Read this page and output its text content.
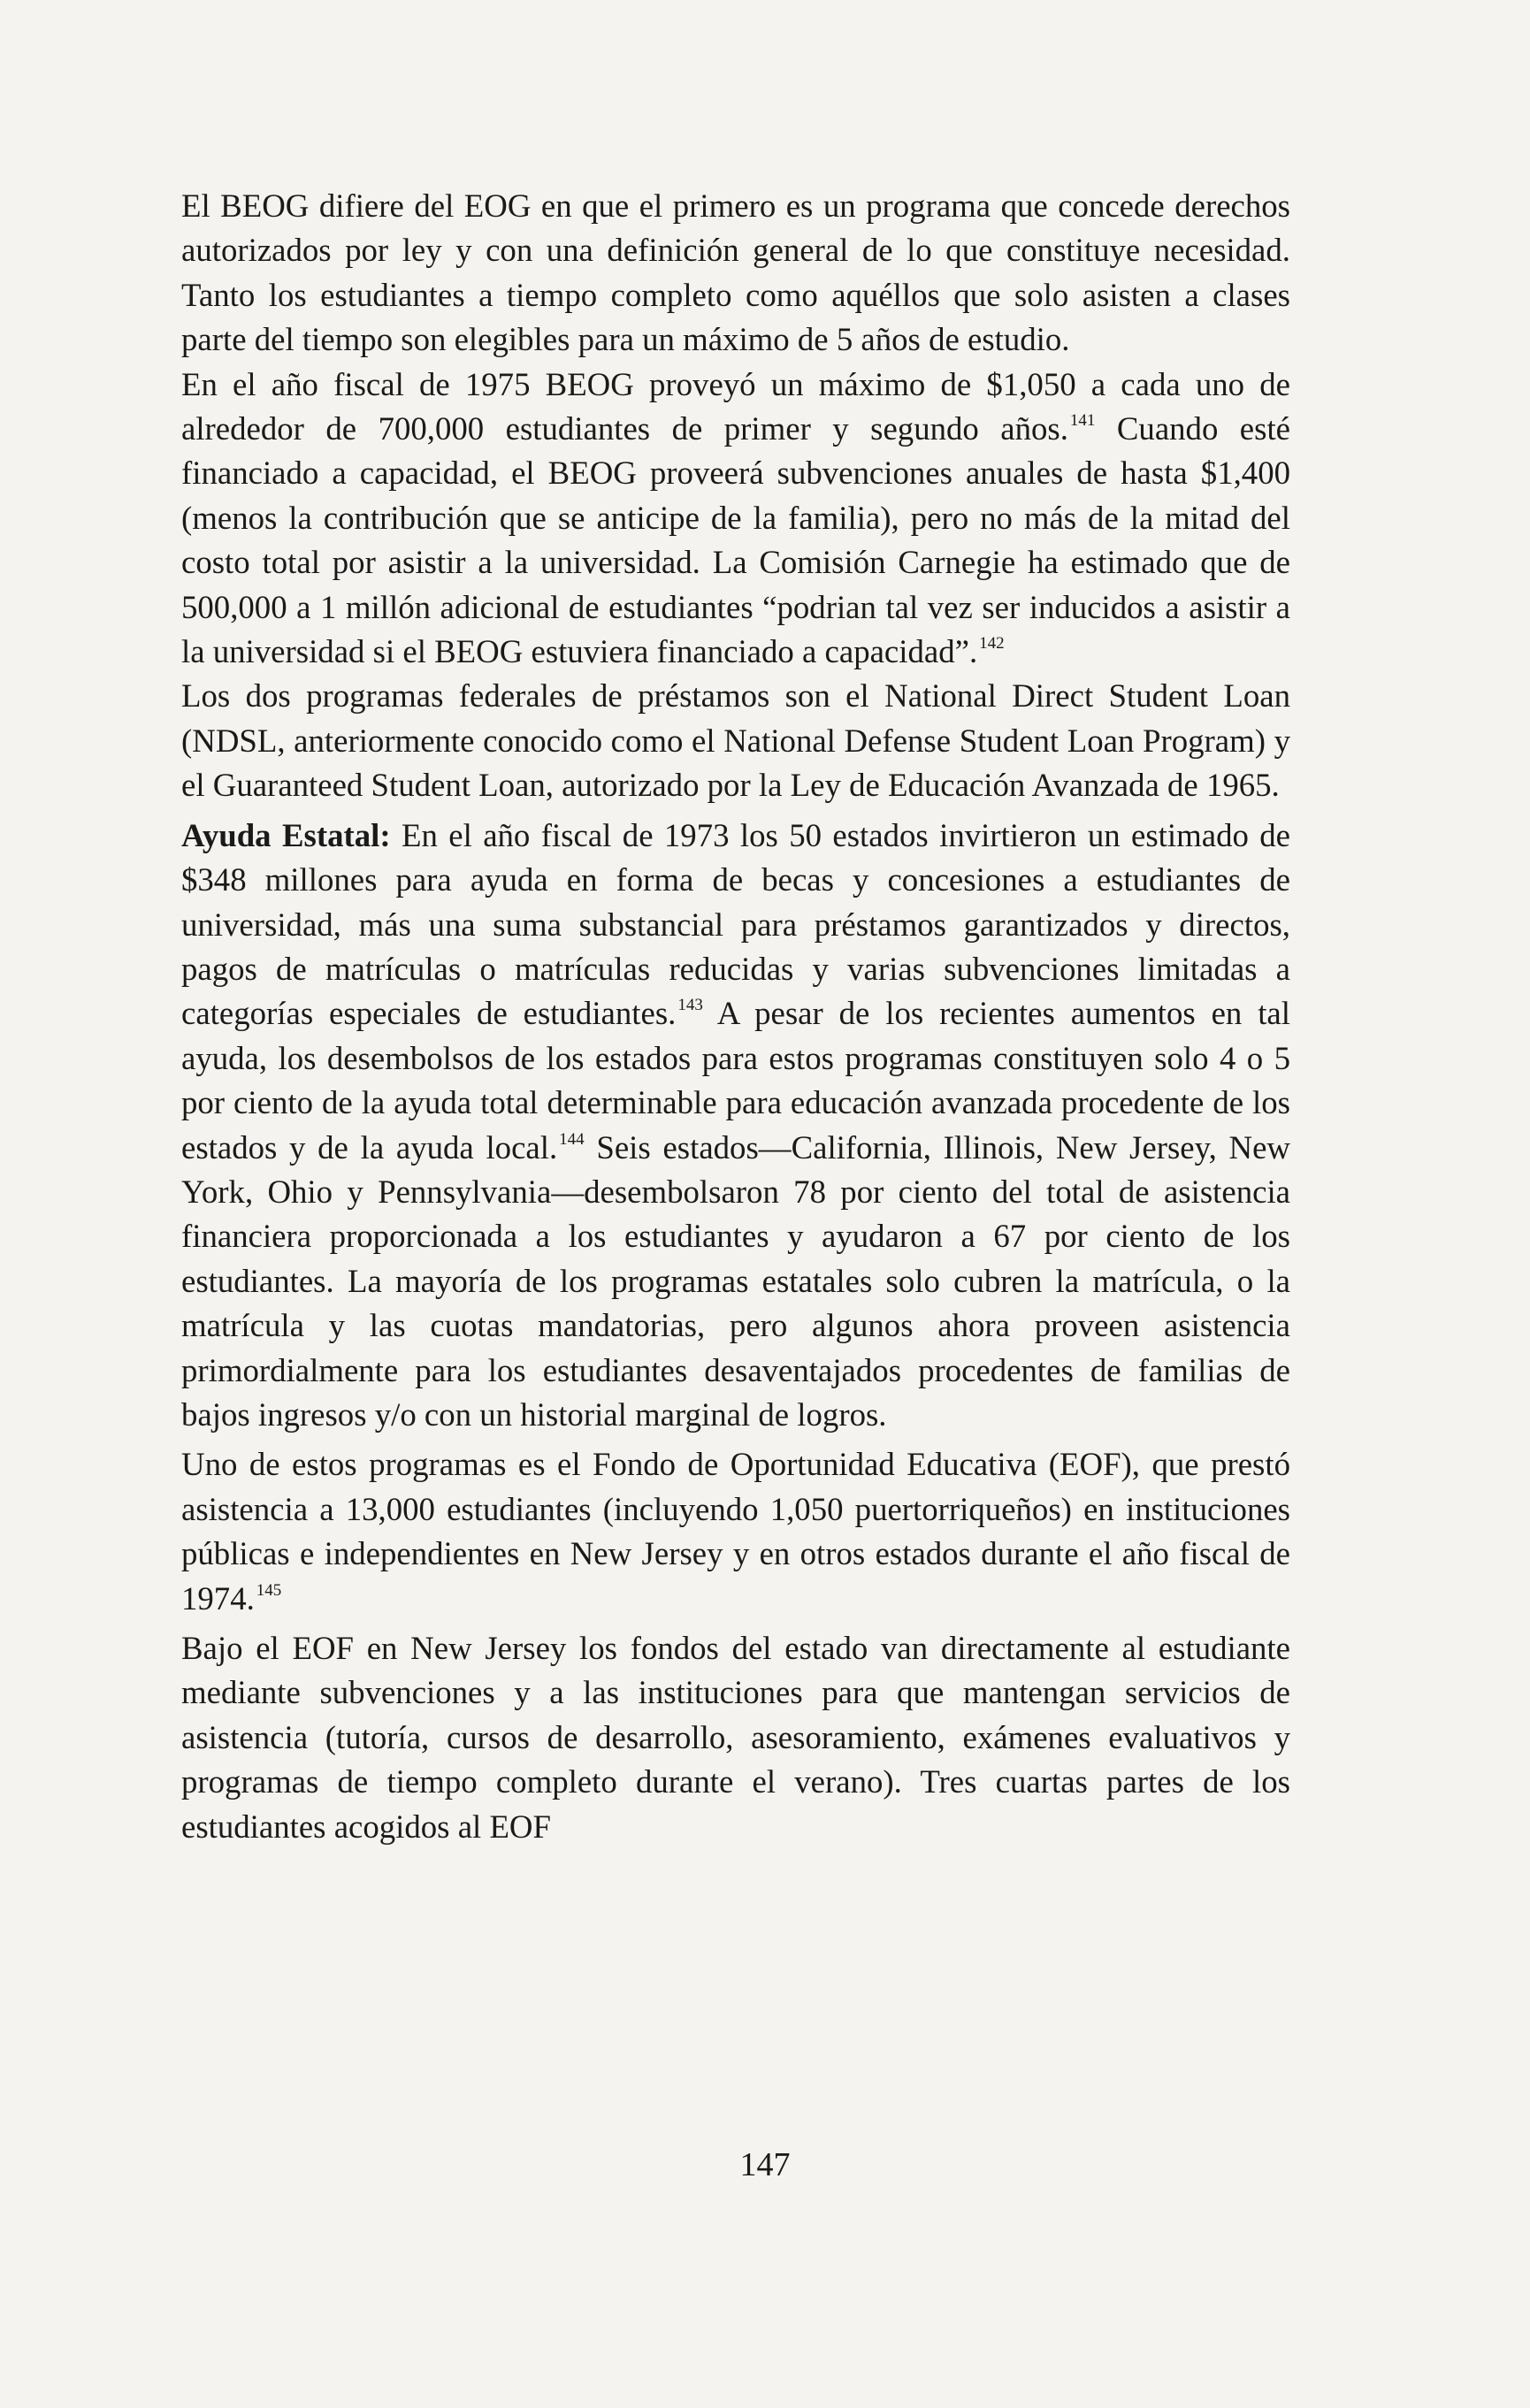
El BEOG difiere del EOG en que el primero es un programa que concede derechos autorizados por ley y con una definición general de lo que constituye necesidad. Tanto los estudiantes a tiempo completo como aquéllos que solo asisten a clases parte del tiempo son elegibles para un máximo de 5 años de estudio.

En el año fiscal de 1975 BEOG proveyó un máximo de $1,050 a cada uno de alrededor de 700,000 estudiantes de primer y segundo años. $^{141}$ Cuando esté financiado a capacidad, el BEOG proveerá subvenciones anuales de hasta $1,400 (menos la contribución que se anticipe de la familia), pero no más de la mitad del costo total por asistir a la universidad. La Comisión Carnegie ha estimado que de 500,000 a 1 millón adicional de estudiantes “podrian tal vez ser inducidos a asistir a la universidad si el BEOG estuviera financiado a capacidad”. $^{142}$

Los dos programas federales de préstamos son el National Direct Student Loan (NDSL, anteriormente conocido como el National Defense Student Loan Program) y el Guaranteed Student Loan, autorizado por la Ley de Educación Avanzada de 1965.

Ayuda Estatal: En el año fiscal de 1973 los 50 estados invirtieron un estimado de $348 millones para ayuda en forma de becas y concesiones a estudiantes de universidad, más una suma substancial para préstamos garantizados y directos, pagos de matrículas o matrículas reducidas y varias subvenciones limitadas a categorías especiales de estudiantes. $^{143}$ A pesar de los recientes aumentos en tal ayuda, los desembolsos de los estados para estos programas constituyen solo 4 o 5 por ciento de la ayuda total determinable para educación avanzada procedente de los estados y de la ayuda local. $^{144}$ Seis estados—California, Illinois, New Jersey, New York, Ohio y Pennsylvania—desembolsaron 78 por ciento del total de asistencia financiera proporcionada a los estudiantes y ayudaron a 67 por ciento de los estudiantes. La mayoría de los programas estatales solo cubren la matrícula, o la matrícula y las cuotas mandatorias, pero algunos ahora proveen asistencia primordialmente para los estudiantes desaventajados procedentes de familias de bajos ingresos y/o con un historial marginal de logros.

Uno de estos programas es el Fondo de Oportunidad Educativa (EOF), que prestó asistencia a 13,000 estudiantes (incluyendo 1,050 puertorriqueños) en instituciones públicas e independientes en New Jersey y en otros estados durante el año fiscal de 1974. $^{145}$

Bajo el EOF en New Jersey los fondos del estado van directamente al estudiante mediante subvenciones y a las instituciones para que mantengan servicios de asistencia (tutoría, cursos de desarrollo, asesoramiento, exámenes evaluativos y programas de tiempo completo durante el verano). Tres cuartas partes de los estudiantes acogidos al EOF

147
